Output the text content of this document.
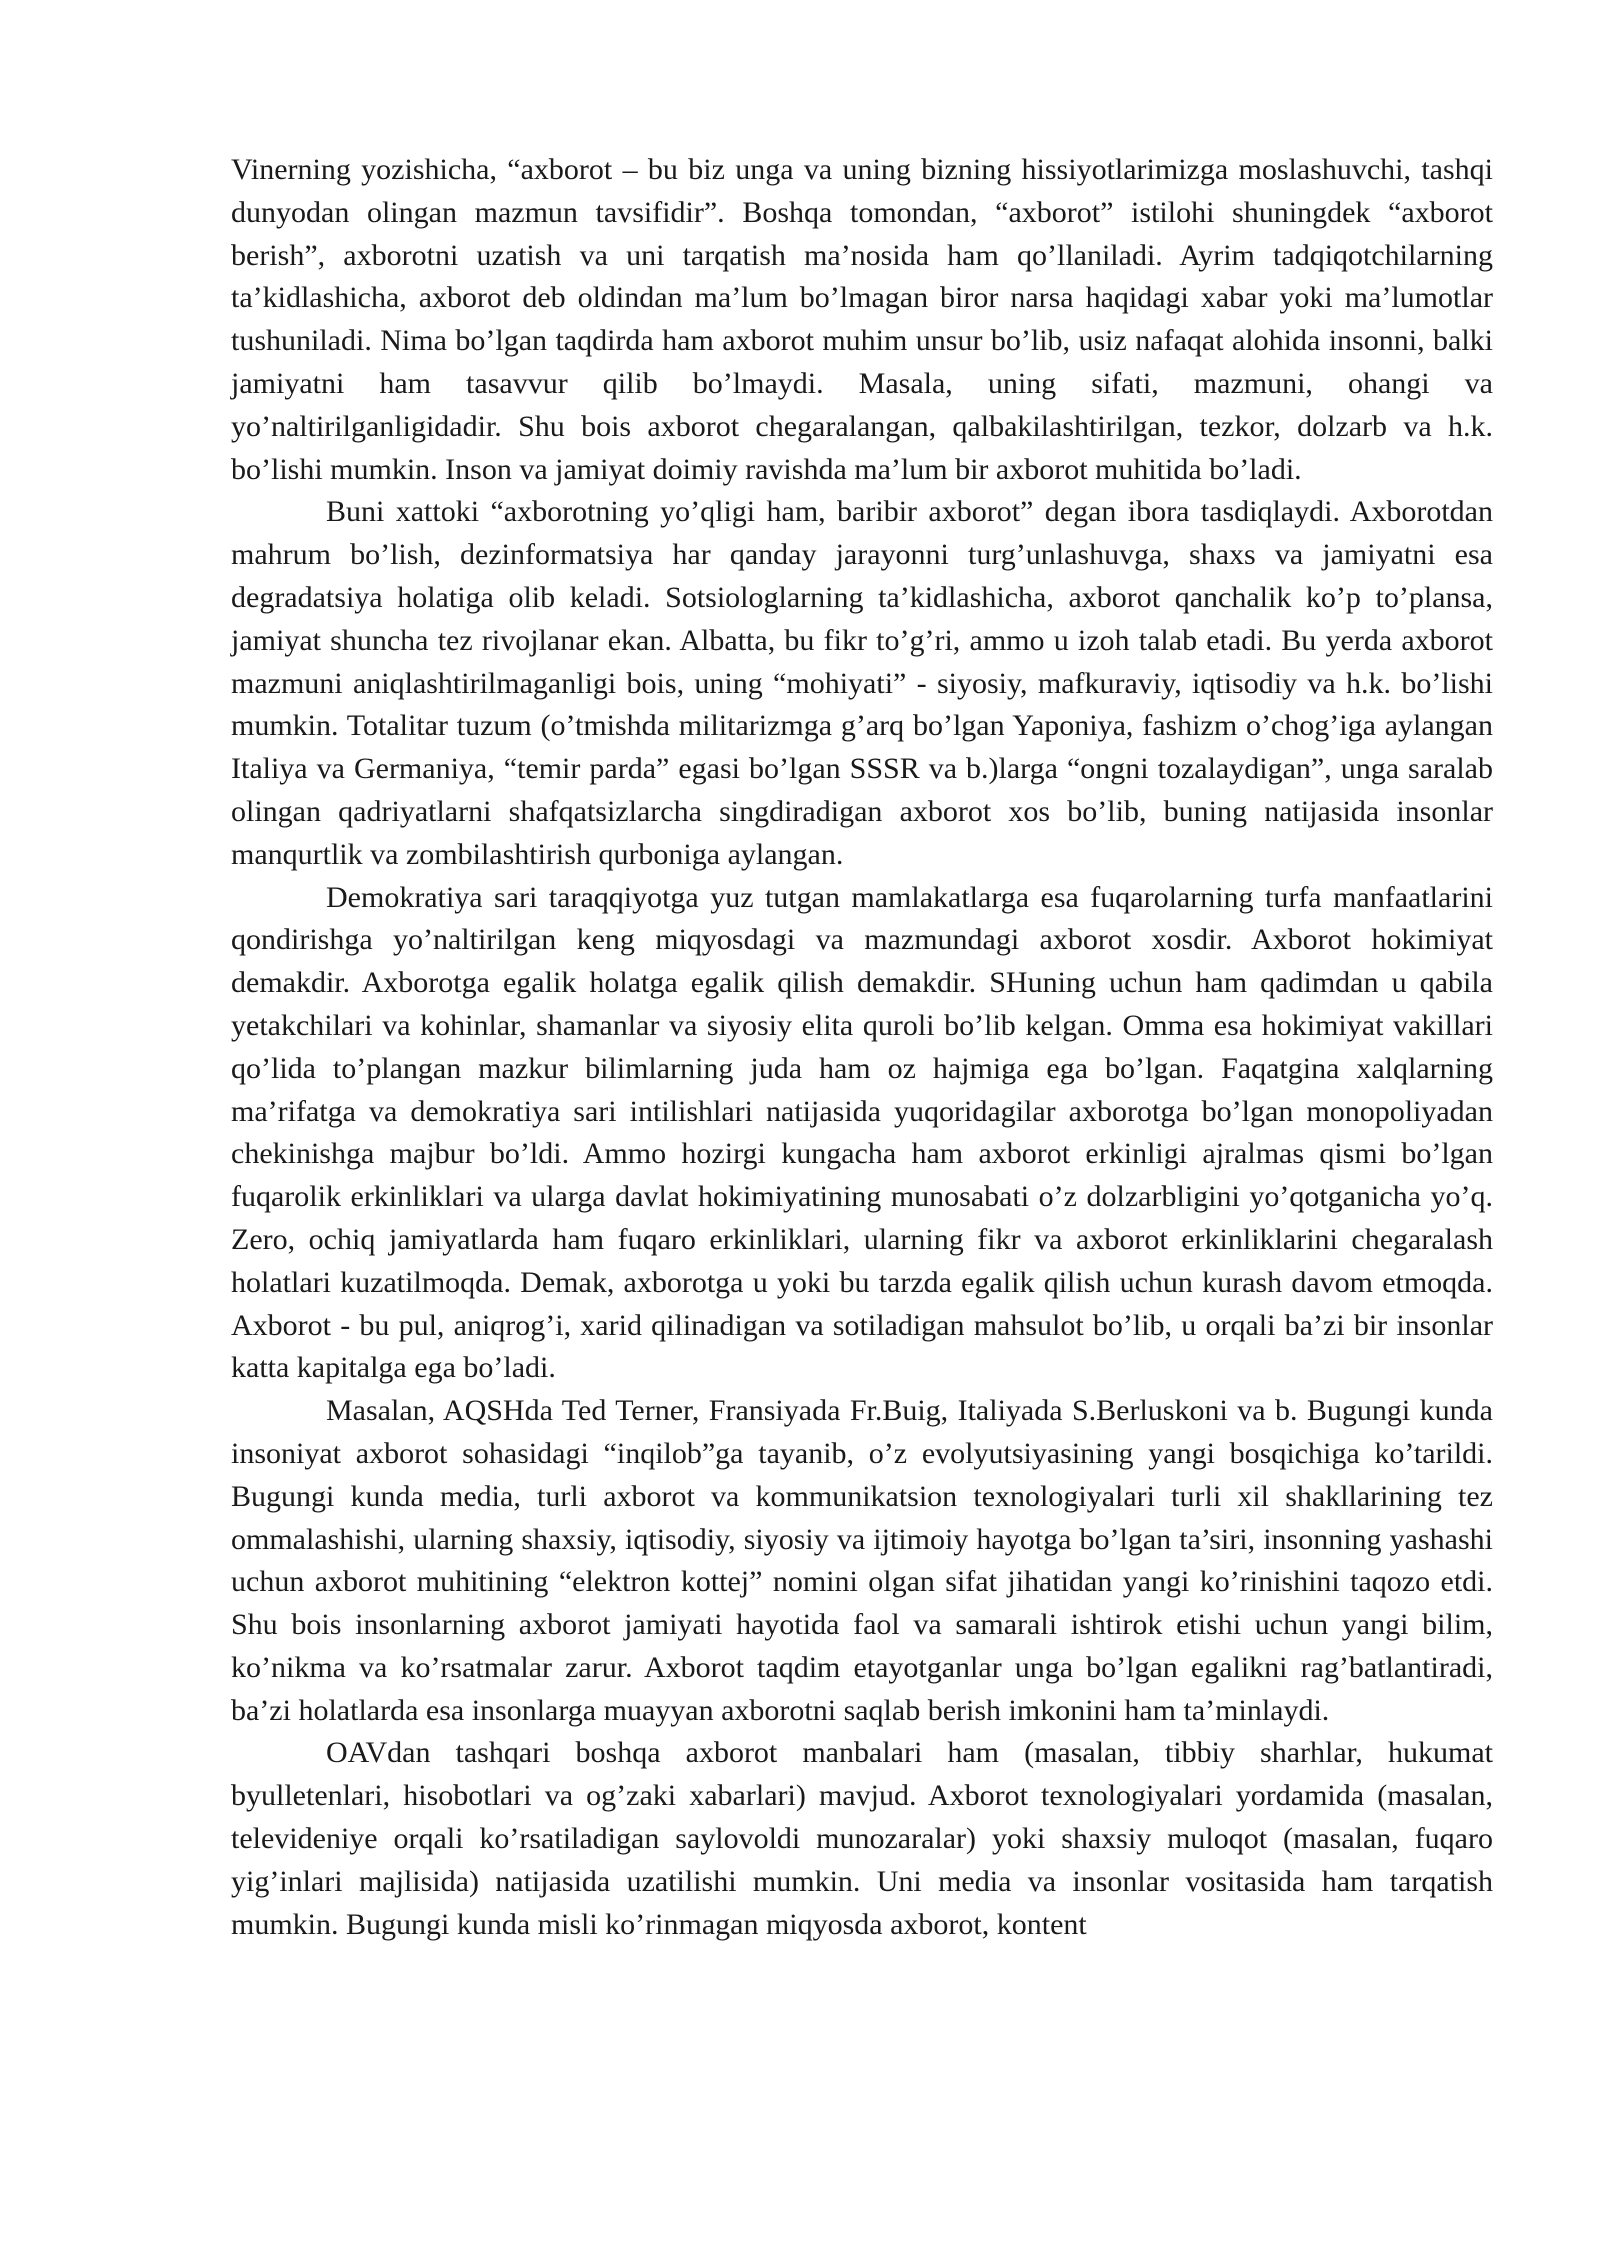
Vinerning yozishicha, “axborot – bu biz unga va uning bizning hissiyotlarimizga moslashuvchi, tashqi dunyodan olingan mazmun tavsifidir”. Boshqa tomondan, “axborot” istilohi shuningdek “axborot berish”, axborotni uzatish va uni tarqatish ma’nosida ham qo’llaniladi. Ayrim tadqiqotchilarning ta’kidlashicha, axborot deb oldindan ma’lum bo’lmagan biror narsa haqidagi xabar yoki ma’lumotlar tushuniladi. Nima bo’lgan taqdirda ham axborot muhim unsur bo’lib, usiz nafaqat alohida insonni, balki jamiyatni ham tasavvur qilib bo’lmaydi. Masala, uning sifati, mazmuni, ohangi va yo’naltirilganligidadir. Shu bois axborot chegaralangan, qalbakilashtirilgan, tezkor, dolzarb va h.k. bo’lishi mumkin. Inson va jamiyat doimiy ravishda ma’lum bir axborot muhitida bo’ladi.

Buni xattoki “axborotning yo’qligi ham, baribir axborot” degan ibora tasdiqlaydi. Axborotdan mahrum bo’lish, dezinformatsiya har qanday jarayonni turg’unlashuvga, shaxs va jamiyatni esa degradatsiya holatiga olib keladi. Sotsiologlarning ta’kidlashicha, axborot qanchalik ko’p to’plansa, jamiyat shuncha tez rivojlanar ekan. Albatta, bu fikr to’g’ri, ammo u izoh talab etadi. Bu yerda axborot mazmuni aniqlashtirilmaganligi bois, uning “mohiyati” - siyosiy, mafkuraviy, iqtisodiy va h.k. bo’lishi mumkin. Totalitar tuzum (o’tmishda militarizmga g’arq bo’lgan Yaponiya, fashizm o’chog’iga aylangan Italiya va Germaniya, “temir parda” egasi bo’lgan SSSR va b.)larga “ongni tozalaydigan”, unga saralab olingan qadriyatlarni shafqatsizlarcha singdiradigan axborot xos bo’lib, buning natijasida insonlar manqurtlik va zombilashtirish qurboniga aylangan.

Demokratiya sari taraqqiyotga yuz tutgan mamlakatlarga esa fuqarolarning turfa manfaatlarini qondirishga yo’naltirilgan keng miqyosdagi va mazmundagi axborot xosdir. Axborot hokimiyat demakdir. Axborotga egalik holatga egalik qilish demakdir. SHuning uchun ham qadimdan u qabila yetakchilari va kohinlar, shamanlar va siyosiy elita quroli bo’lib kelgan. Omma esa hokimiyat vakillari qo’lida to’plangan mazkur bilimlarning juda ham oz hajmiga ega bo’lgan. Faqatgina xalqlarning ma’rifatga va demokratiya sari intilishlari natijasida yuqoridagilar axborotga bo’lgan monopoliyadan chekinishga majbur bo’ldi. Ammo hozirgi kungacha ham axborot erkinligi ajralmas qismi bo’lgan fuqarolik erkinliklari va ularga davlat hokimiyatining munosabati o’z dolzarbligini yo’qotganicha yo’q. Zero, ochiq jamiyatlarda ham fuqaro erkinliklari, ularning fikr va axborot erkinliklarini chegaralash holatlari kuzatilmoqda. Demak, axborotga u yoki bu tarzda egalik qilish uchun kurash davom etmoqda. Axborot - bu pul, aniqrog’i, xarid qilinadigan va sotiladigan mahsulot bo’lib, u orqali ba’zi bir insonlar katta kapitalga ega bo’ladi.

Masalan, AQSHda Ted Terner, Fransiyada Fr.Buig, Italiyada S.Berluskoni va b. Bugungi kunda insoniyat axborot sohasidagi “inqilob”ga tayanib, o’z evolyutsiyasining yangi bosqichiga ko’tarildi. Bugungi kunda media, turli axborot va kommunikatsion texnologiyalari turli xil shakllarining tez ommalashishi, ularning shaxsiy, iqtisodiy, siyosiy va ijtimoiy hayotga bo’lgan ta’siri, insonning yashashi uchun axborot muhitining “elektron kottej” nomini olgan sifat jihatidan yangi ko’rinishini taqozo etdi. Shu bois insonlarning axborot jamiyati hayotida faol va samarali ishtirok etishi uchun yangi bilim, ko’nikma va ko’rsatmalar zarur. Axborot taqdim etayotganlar unga bo’lgan egalikni rag’batlantiradi, ba’zi holatlarda esa insonlarga muayyan axborotni saqlab berish imkonini ham ta’minlaydi.

OAVdan tashqari boshqa axborot manbalari ham (masalan, tibbiy sharhlar, hukumat byulletenlari, hisobotlari va og’zaki xabarlari) mavjud. Axborot texnologiyalari yordamida (masalan, televideniye orqali ko’rsatiladigan saylovoldi munozaralar) yoki shaxsiy muloqot (masalan, fuqaro yig’inlari majlisida) natijasida uzatilishi mumkin. Uni media va insonlar vositasida ham tarqatish mumkin. Bugungi kunda misli ko’rinmagan miqyosda axborot, kontent
